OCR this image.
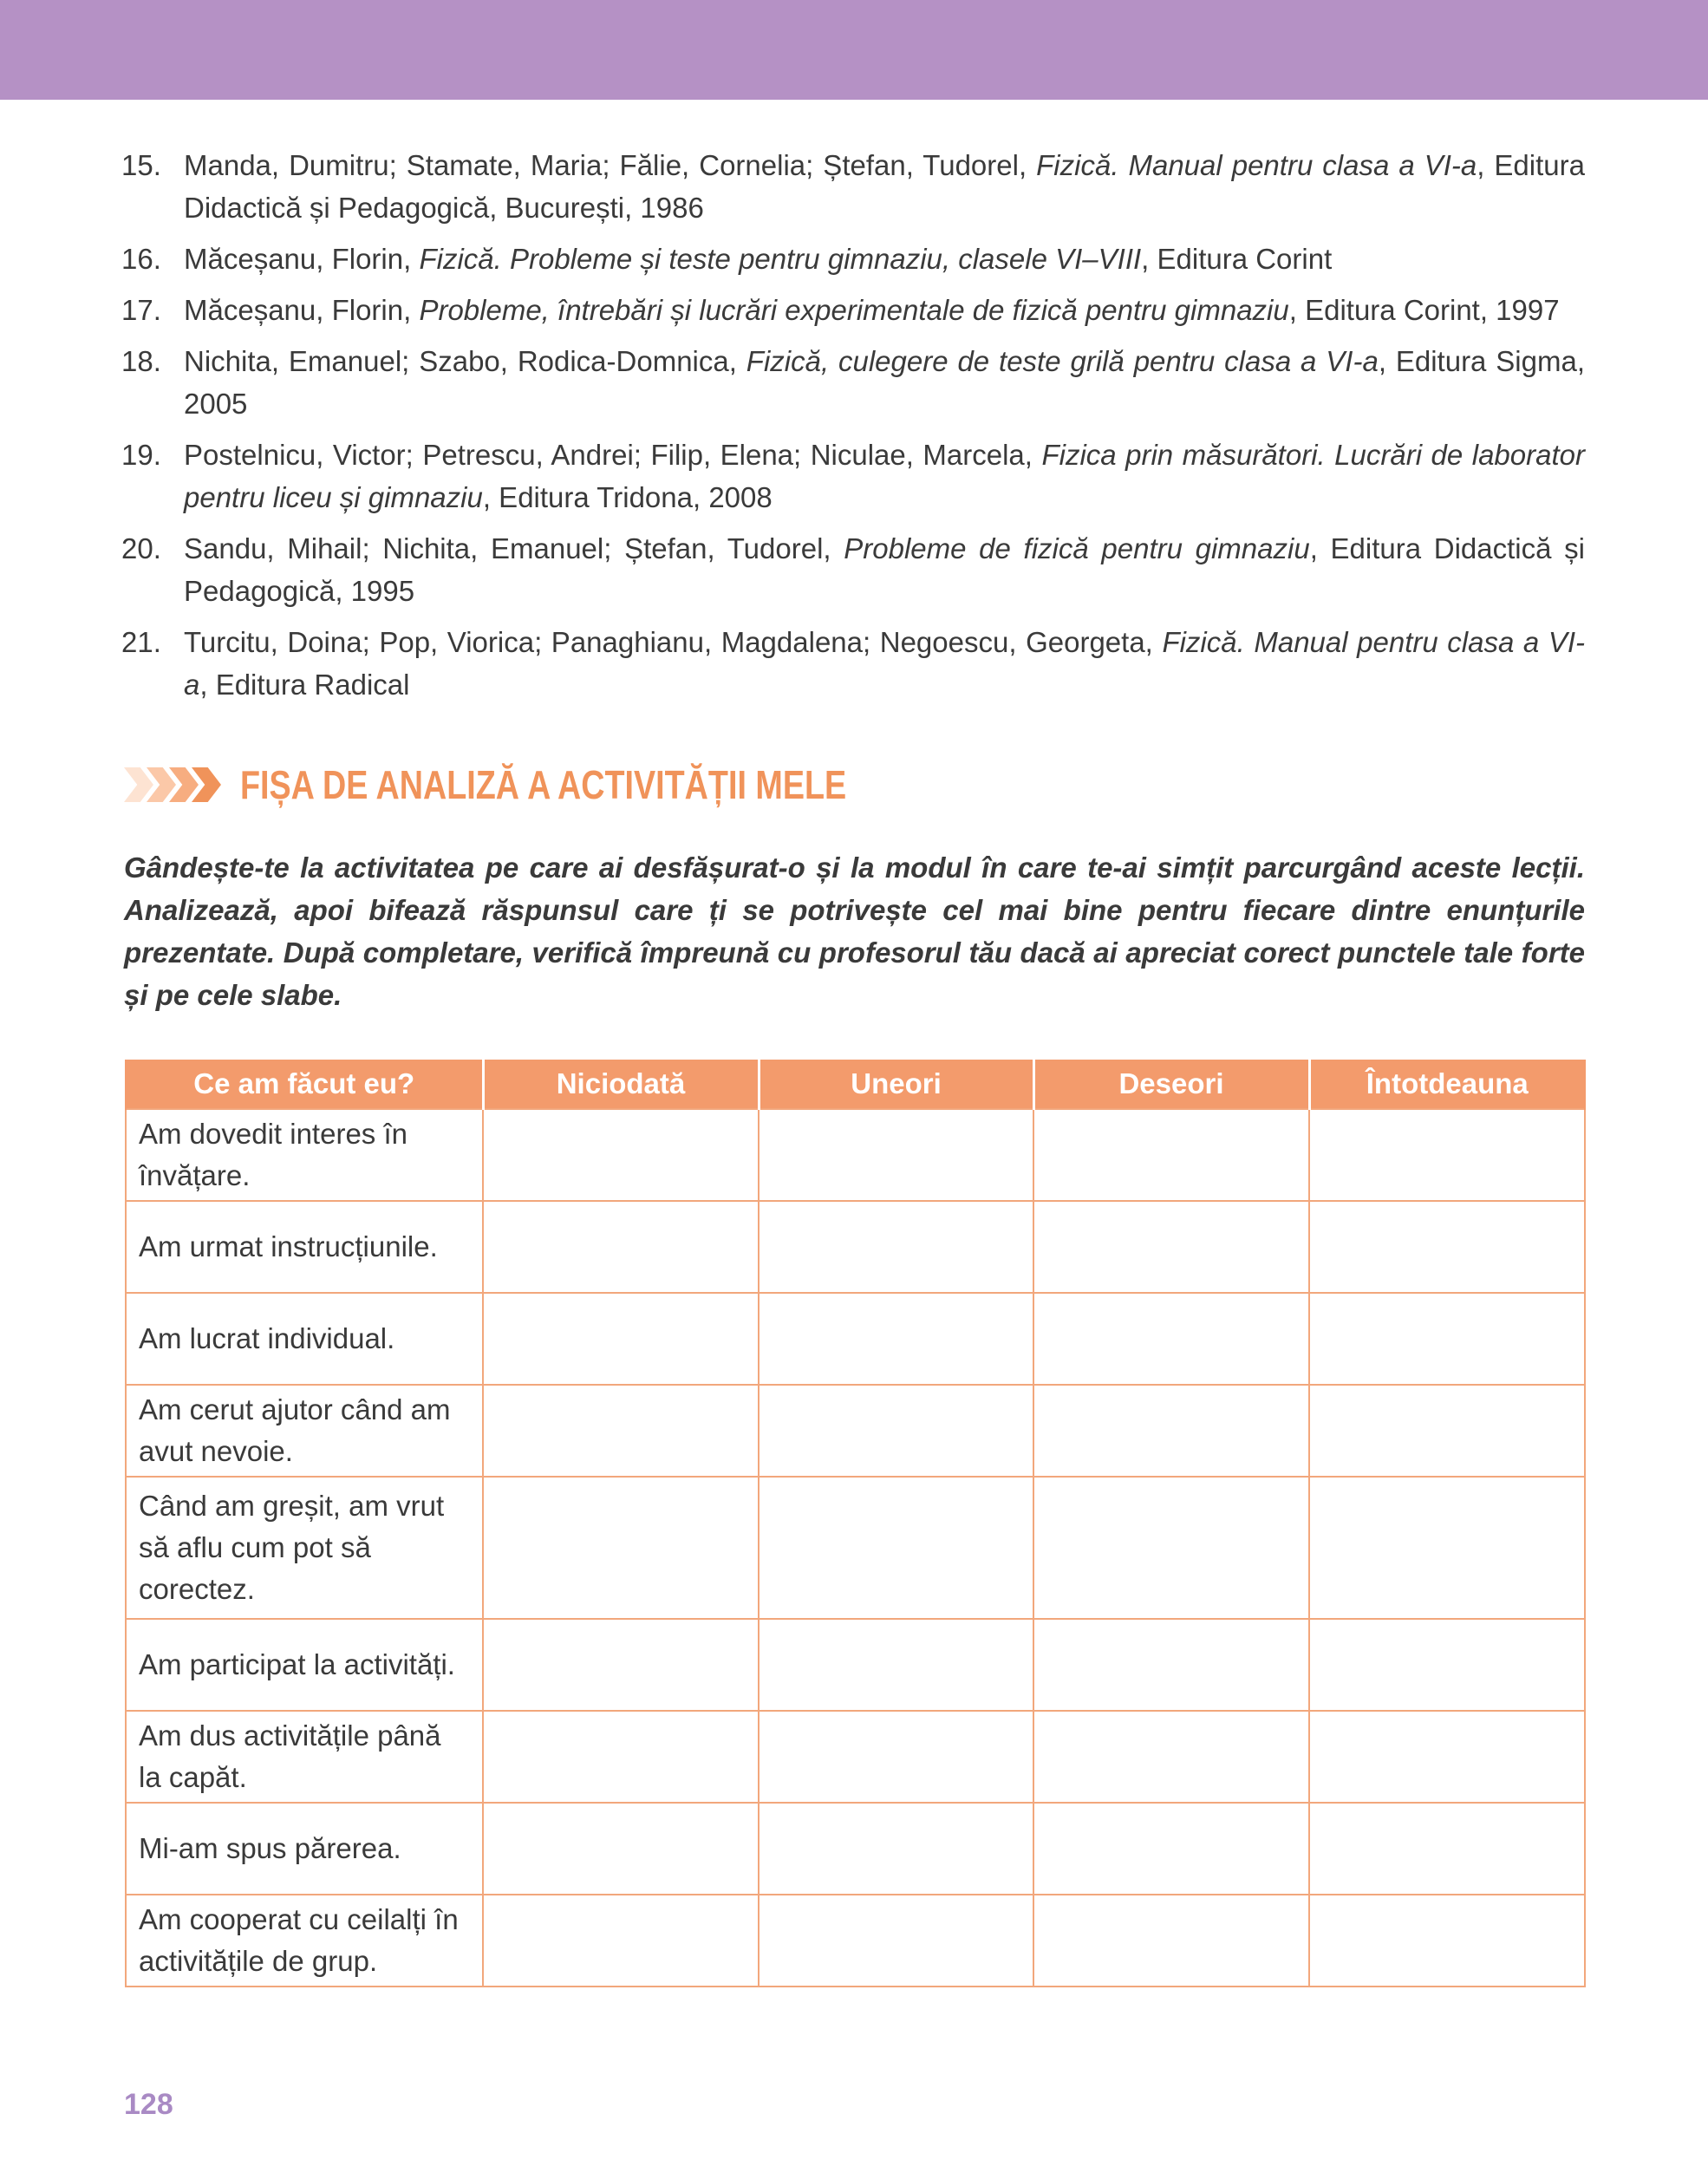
15. Manda, Dumitru; Stamate, Maria; Fălie, Cornelia; Ștefan, Tudorel, Fizică. Manual pentru clasa a VI-a, Editura Didactică și Pedagogică, București, 1986
16. Măceșanu, Florin, Fizică. Probleme și teste pentru gimnaziu, clasele VI–VIII, Editura Corint
17. Măceșanu, Florin, Probleme, întrebări și lucrări experimentale de fizică pentru gimnaziu, Editura Corint, 1997
18. Nichita, Emanuel; Szabo, Rodica-Domnica, Fizică, culegere de teste grilă pentru clasa a VI-a, Editura Sigma, 2005
19. Postelnicu, Victor; Petrescu, Andrei; Filip, Elena; Niculae, Marcela, Fizica prin măsurători. Lucrări de laborator pentru liceu și gimnaziu, Editura Tridona, 2008
20. Sandu, Mihail; Nichita, Emanuel; Ștefan, Tudorel, Probleme de fizică pentru gimnaziu, Editura Didactică și Pedagogică, 1995
21. Turcitu, Doina; Pop, Viorica; Panaghianu, Magdalena; Negoescu, Georgeta, Fizică. Manual pentru clasa a VI-a, Editura Radical
FIȘA DE ANALIZĂ A ACTIVITĂȚII MELE

Gândește-te la activitatea pe care ai desfășurat-o și la modul în care te-ai simțit parcurgând aceste lecții. Analizează, apoi bifează răspunsul care ți se potrivește cel mai bine pentru fiecare dintre enunțurile prezentate. După completare, verifică împreună cu profesorul tău dacă ai apreciat corect punctele tale forte și pe cele slabe.

Ce am făcut eu?	Niciodată	Uneori	Deseori	Întotdeauna
Am dovedit interes în învățare.				
Am urmat instrucțiunile.				
Am lucrat individual.				
Am cerut ajutor când am avut nevoie.				
Când am greșit, am vrut să aflu cum pot să corectez.				
Am participat la activități.				
Am dus activitățile până la capăt.				
Mi-am spus părerea.				
Am cooperat cu ceilalți în activitățile de grup.				
128
